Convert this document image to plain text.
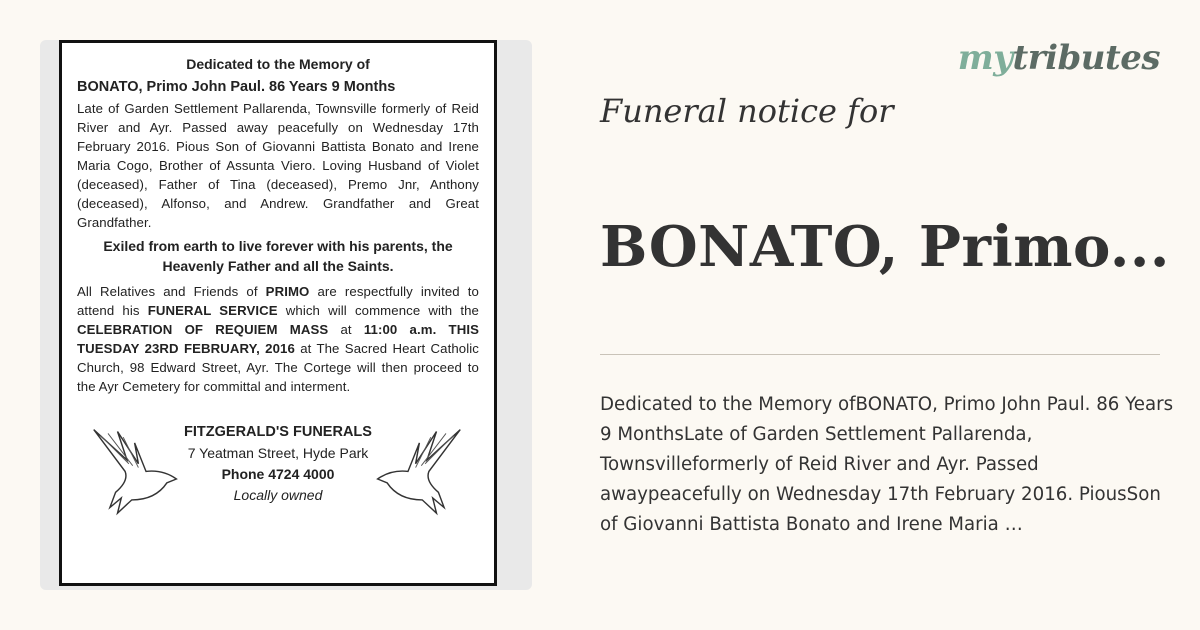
Dedicated to the Memory of
BONATO, Primo John Paul. 86 Years 9 Months
Late of Garden Settlement Pallarenda, Townsville formerly of Reid River and Ayr. Passed away peacefully on Wednesday 17th February 2016. Pious Son of Giovanni Battista Bonato and Irene Maria Cogo, Brother of Assunta Viero. Loving Husband of Violet (deceased), Father of Tina (deceased), Premo Jnr, Anthony (deceased), Alfonso, and Andrew. Grandfather and Great Grandfather.
Exiled from earth to live forever with his parents, the Heavenly Father and all the Saints.
All Relatives and Friends of PRIMO are respectfully invited to attend his FUNERAL SERVICE which will commence with the CELEBRATION OF REQUIEM MASS at 11:00 a.m. THIS TUESDAY 23RD FEBRUARY, 2016 at The Sacred Heart Catholic Church, 98 Edward Street, Ayr. The Cortege will then proceed to the Ayr Cemetery for committal and interment.
FITZGERALD'S FUNERALS
7 Yeatman Street, Hyde Park
Phone 4724 4000
Locally owned
mytributes
Funeral notice for
BONATO, Primo...
Dedicated to the Memory ofBONATO, Primo John Paul. 86 Years 9 MonthsLate of Garden Settlement Pallarenda, Townsvilleformerly of Reid River and Ayr. Passed awaypeacefully on Wednesday 17th February 2016. PiousSon of Giovanni Battista Bonato and Irene Maria …
